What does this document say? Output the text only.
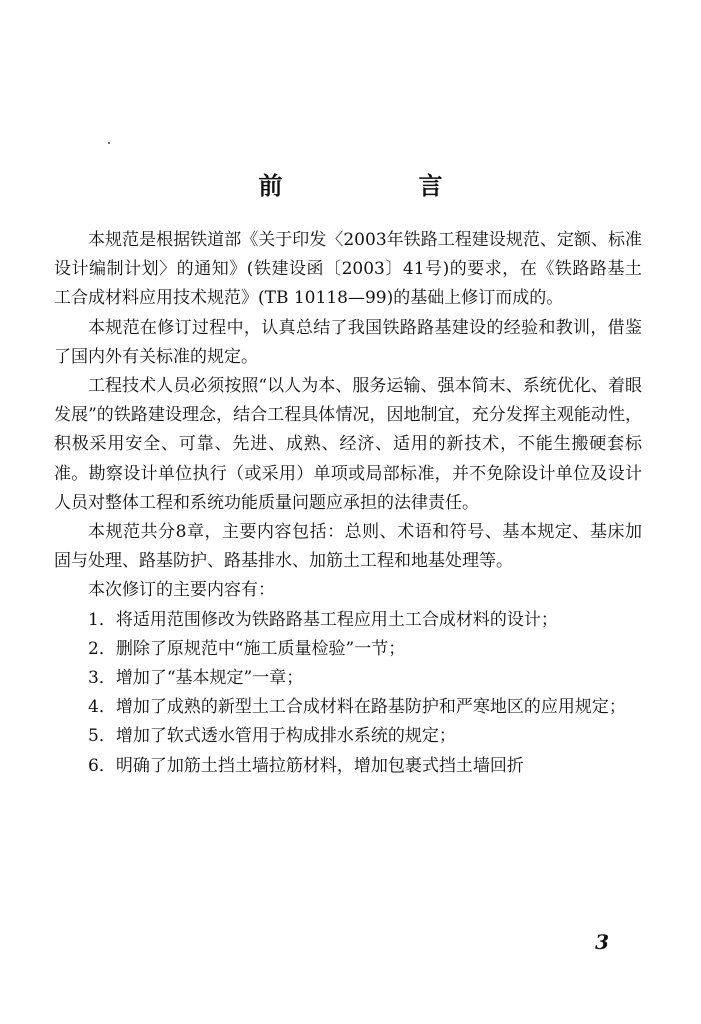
前　言

本规范是根据铁道部《关于印发〈2003年铁路工程建设规范、定额、标准设计编制计划〉的通知》(铁建设函〔2003〕41号)的要求，在《铁路路基土工合成材料应用技术规范》(TB 10118—99)的基础上修订而成的。

本规范在修订过程中，认真总结了我国铁路路基建设的经验和教训，借鉴了国内外有关标准的规定。

工程技术人员必须按照“以人为本、服务运输、强本简末、系统优化、着眼发展”的铁路建设理念，结合工程具体情况，因地制宜，充分发挥主观能动性，积极采用安全、可靠、先进、成熟、经济、适用的新技术，不能生搬硬套标准。勘察设计单位执行（或采用）单项或局部标准，并不免除设计单位及设计人员对整体工程和系统功能质量问题应承担的法律责任。

本规范共分8章，主要内容包括：总则、术语和符号、基本规定、基床加固与处理、路基防护、路基排水、加筋土工程和地基处理等。

本次修订的主要内容有：

1．将适用范围修改为铁路路基工程应用土工合成材料的设计；

2．删除了原规范中“施工质量检验”一节；

3．增加了“基本规定”一章；

4．增加了成熟的新型土工合成材料在路基防护和严寒地区的应用规定；

5．增加了软式透水管用于构成排水系统的规定；

6．明确了加筋土挡土墙拉筋材料，增加包裹式挡土墙回折

3
